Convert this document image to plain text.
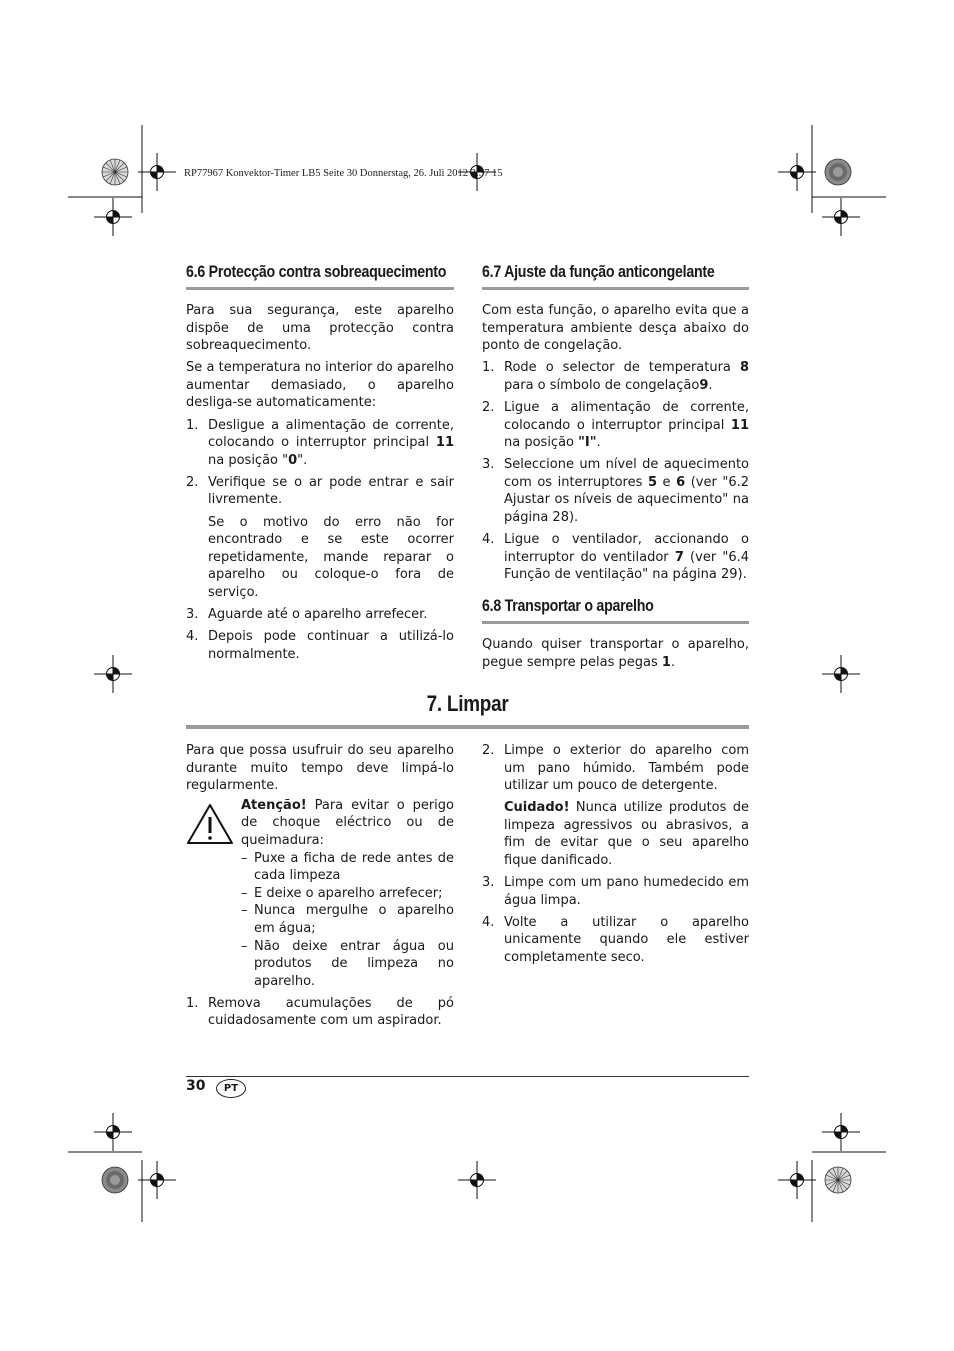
RP77967 Konvektor-Timer LB5 Seite 30 Donnerstag, 26. Juli 2012 3:37 15
6.6 Protecção contra sobreaquecimento

Para sua segurança, este aparelho dispõe de uma protecção contra sobreaquecimento.

Se a temperatura no interior do aparelho aumentar demasiado, o aparelho desliga-se automaticamente:

1. Desligue a alimentação de corrente, colocando o interruptor principal 11 na posição "0".
2. Verifique se o ar pode entrar e sair livremente.

Se o motivo do erro não for encontrado e se este ocorrer repetidamente, mande reparar o aparelho ou coloque-o fora de serviço.

3. Aguarde até o aparelho arrefecer.
4. Depois pode continuar a utilizá-lo normalmente.
6.7 Ajuste da função anticongelante

Com esta função, o aparelho evita que a temperatura ambiente desça abaixo do ponto de congelação.

1. Rode o selector de temperatura 8 para o símbolo de congelação9.
2. Ligue a alimentação de corrente, colocando o interruptor principal 11 na posição "I".
3. Seleccione um nível de aquecimento com os interruptores 5 e 6 (ver "6.2 Ajustar os níveis de aquecimento" na página 28).
4. Ligue o ventilador, accionando o interruptor do ventilador 7 (ver "6.4 Função de ventilação" na página 29).
6.8 Transportar o aparelho

Quando quiser transportar o aparelho, pegue sempre pelas pegas 1.

7. Limpar

Para que possa usufruir do seu aparelho durante muito tempo deve limpá-lo regularmente.

Atenção! Para evitar o perigo de choque eléctrico ou de queimadura:

– Puxe a ficha de rede antes de cada limpeza
– E deixe o aparelho arrefecer;
– Nunca mergulhe o aparelho em água;
– Não deixe entrar água ou produtos de limpeza no aparelho.
1. Remova acumulações de pó cuidadosamente com um aspirador.
2. Limpe o exterior do aparelho com um pano húmido. Também pode utilizar um pouco de detergente.

Cuidado! Nunca utilize produtos de limpeza agressivos ou abrasivos, a fim de evitar que o seu aparelho fique danificado.

3. Limpe com um pano humedecido em água limpa.
4. Volte a utilizar o aparelho unicamente quando ele estiver completamente seco.
30	PT
